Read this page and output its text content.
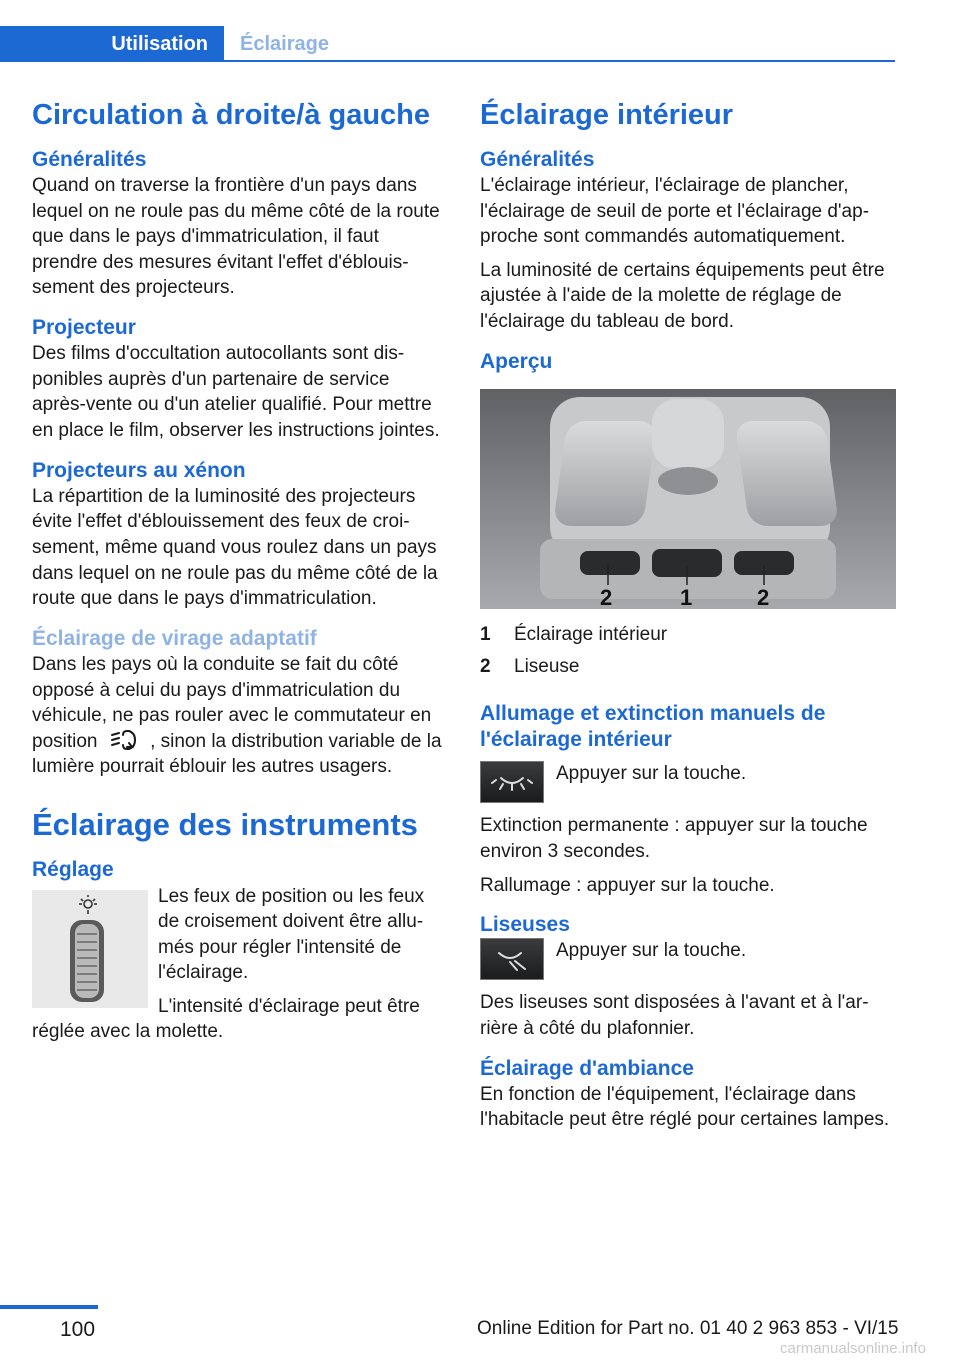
Utilisation	Éclairage
Circulation à droite/à gauche
Généralités

Quand on traverse la frontière d'un pays dans lequel on ne roule pas du même côté de la route que dans le pays d'immatriculation, il faut prendre des mesures évitant l'effet d'éblouissement des projecteurs.

Projecteur

Des films d'occultation autocollants sont disponibles auprès d'un partenaire de service après-vente ou d'un atelier qualifié. Pour mettre en place le film, observer les instructions jointes.

Projecteurs au xénon

La répartition de la luminosité des projecteurs évite l'effet d'éblouissement des feux de croisement, même quand vous roulez dans un pays dans lequel on ne roule pas du même côté de la route que dans le pays d'immatriculation.

Éclairage de virage adaptatif

Dans les pays où la conduite se fait du côté opposé à celui du pays d'immatriculation du véhicule, ne pas rouler avec le commutateur en position	, sinon la distribution variable de la lumière pourrait éblouir les autres usagers.

Éclairage des instruments
Réglage

Les feux de position ou les feux de croisement doivent être allumés pour régler l'intensité de l'éclairage.

L'intensité d'éclairage peut être réglée avec la molette.

Éclairage intérieur
Généralités

L'éclairage intérieur, l'éclairage de plancher, l'éclairage de seuil de porte et l'éclairage d'approche sont commandés automatiquement.

La luminosité de certains équipements peut être ajustée à l'aide de la molette de réglage de l'éclairage du tableau de bord.

Aperçu
2	1	2
1	Éclairage intérieur
2	Liseuse
Allumage et extinction manuels de l'éclairage intérieur
Appuyer sur la touche.

Extinction permanente : appuyer sur la touche environ 3 secondes.

Rallumage : appuyer sur la touche.

Liseuses
Appuyer sur la touche.

Des liseuses sont disposées à l'avant et à l'arrière à côté du plafonnier.

Éclairage d'ambiance

En fonction de l'équipement, l'éclairage dans l'habitacle peut être réglé pour certaines lampes.

100	Online Edition for Part no. 01 40 2 963 853 - VI/15
carmanualsonline.info
